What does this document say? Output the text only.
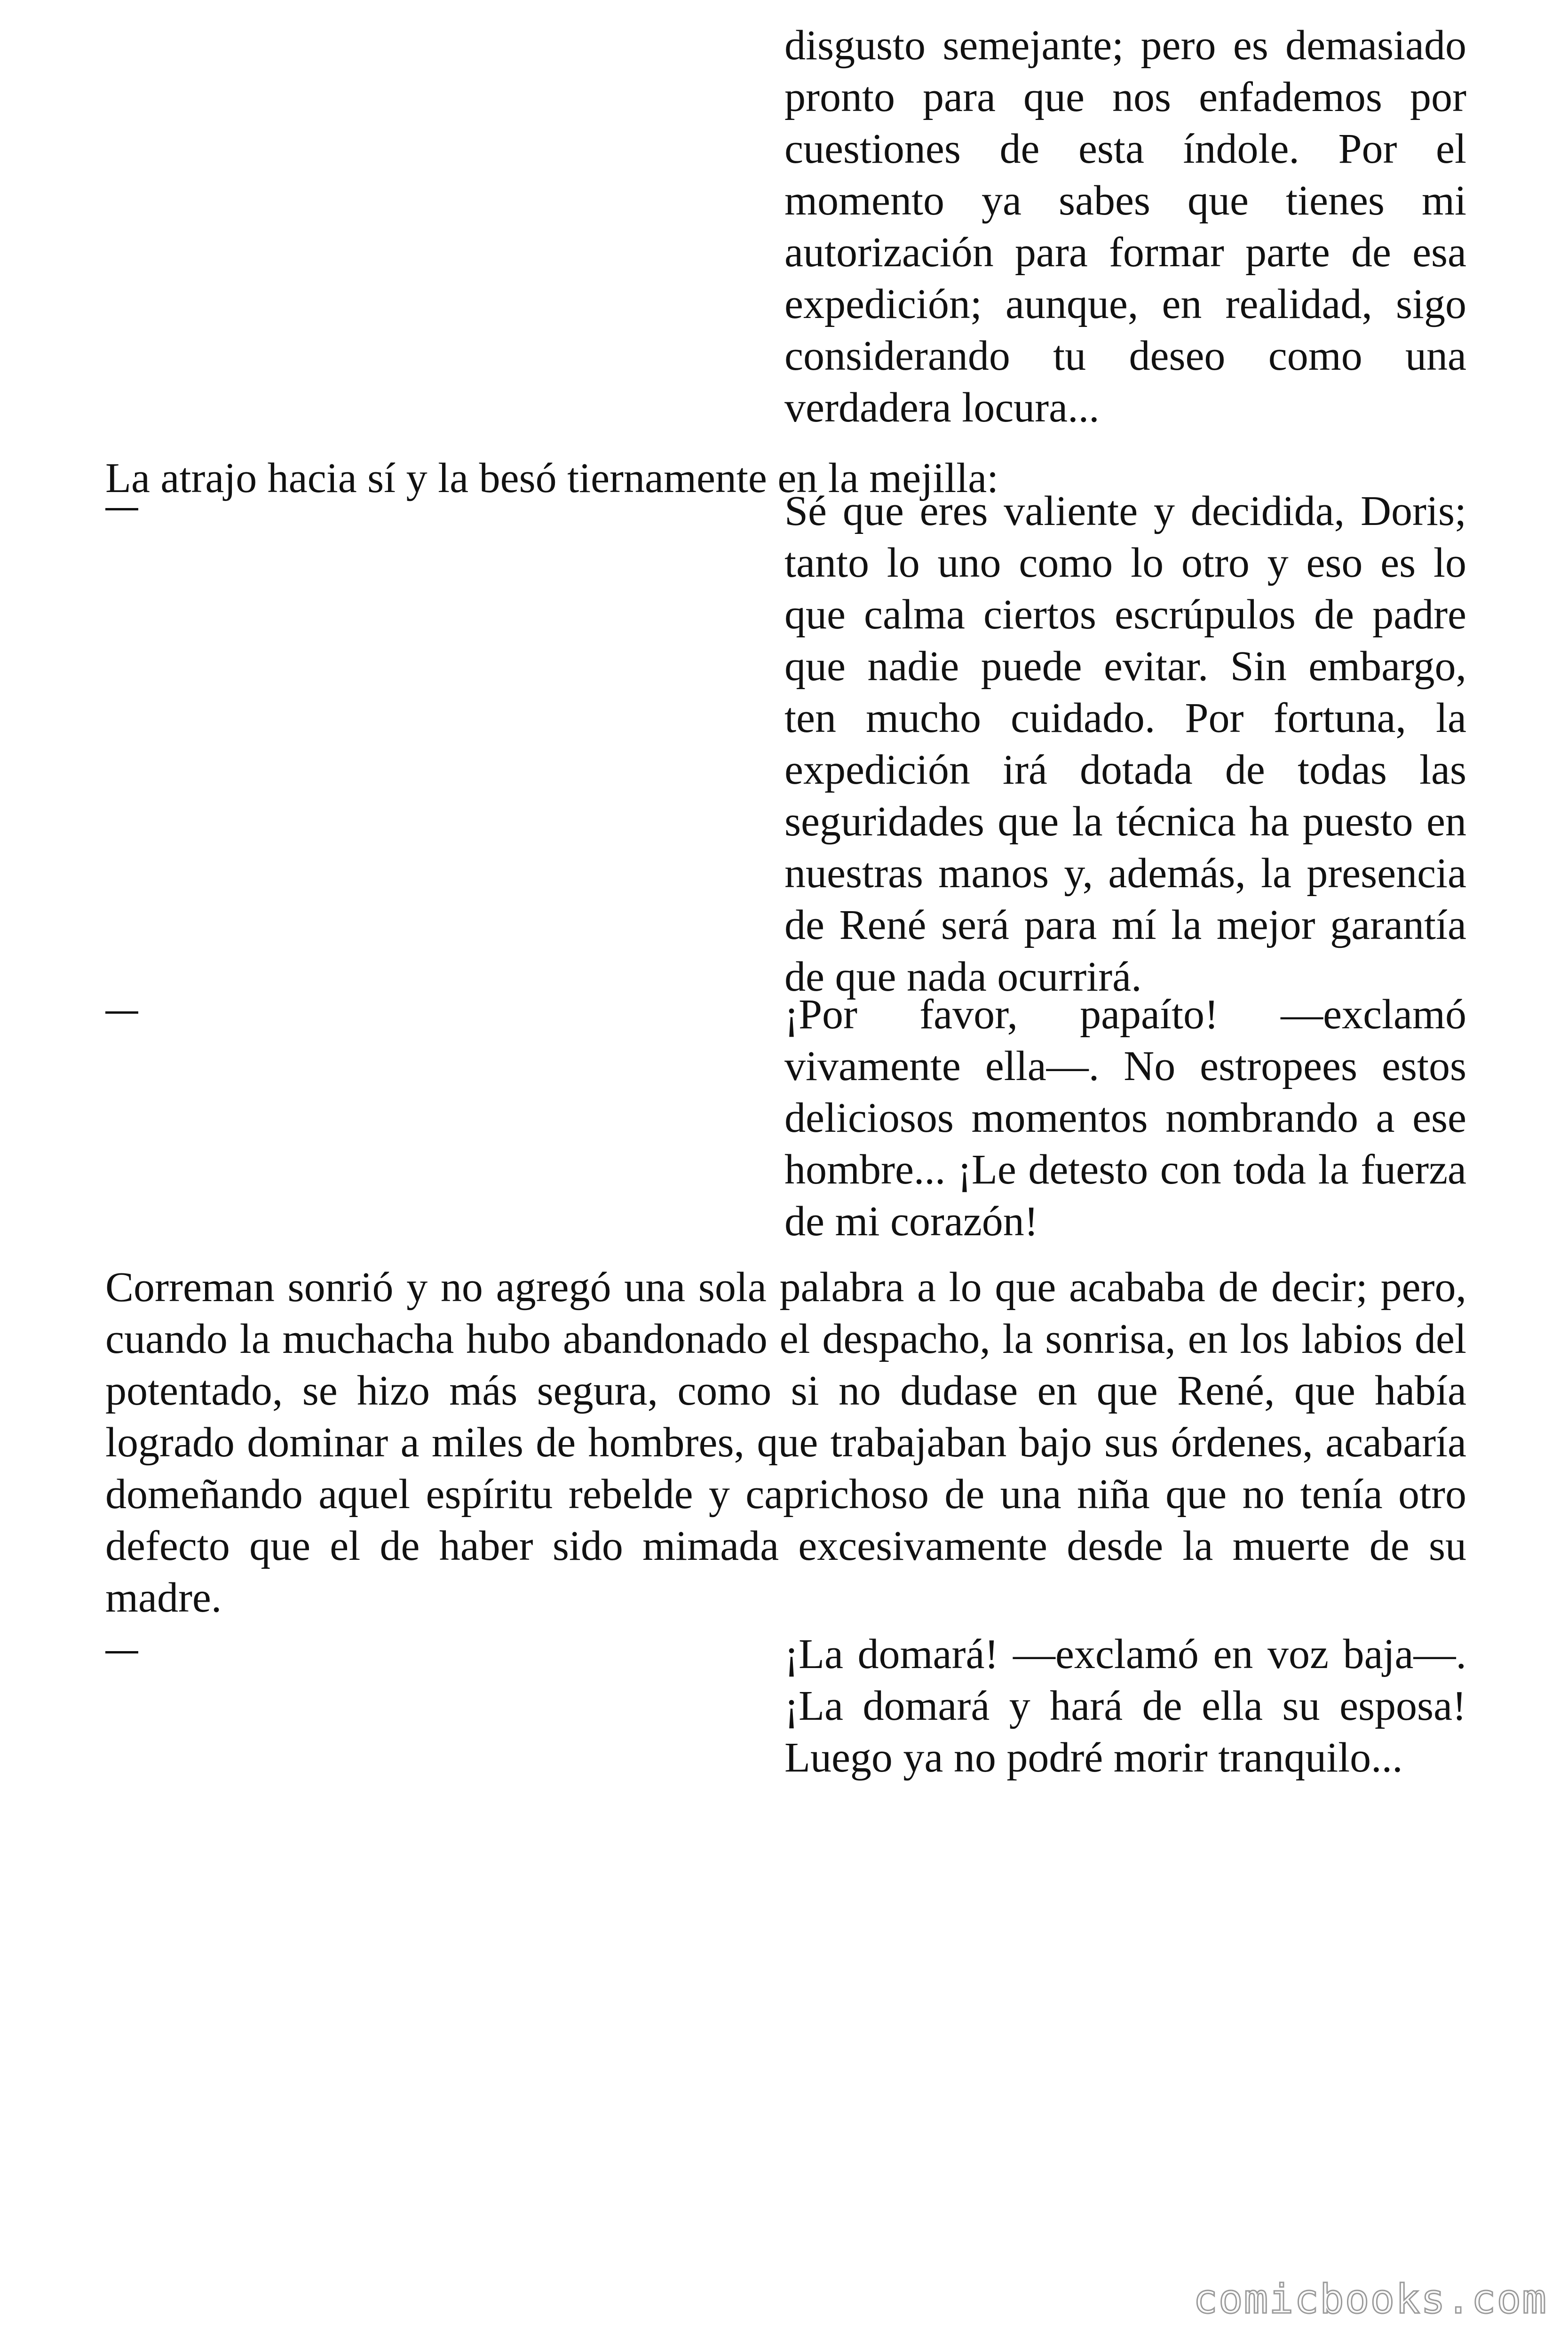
disgusto semejante; pero es demasiado pronto para que nos enfademos por cuestiones de esta índole. Por el momento ya sabes que tienes mi autorización para formar parte de esa expedición; aunque, en realidad, sigo considerando tu deseo como una verdadera locura...

La atrajo hacia sí y la besó tiernamente en la mejilla:

Sé que eres valiente y decidida, Doris; tanto lo uno como lo otro y eso es lo que calma ciertos escrúpulos de padre que nadie puede evitar. Sin embargo, ten mucho cuidado. Por fortuna, la expedición irá dotada de todas las seguridades que la técnica ha puesto en nuestras manos y, además, la presencia de René será para mí la mejor garantía de que nada ocurrirá.

¡Por favor, papaíto! —exclamó vivamente ella—. No estropees estos deliciosos momentos nombrando a ese hombre... ¡Le detesto con toda la fuerza de mi corazón!

Correman sonrió y no agregó una sola palabra a lo que acababa de decir; pero, cuando la muchacha hubo abandonado el despacho, la sonrisa, en los labios del potentado, se hizo más segura, como si no dudase en que René, que había logrado dominar a miles de hombres, que trabajaban bajo sus órdenes, acabaría domeñando aquel espíritu rebelde y caprichoso de una niña que no tenía otro defecto que el de haber sido mimada excesivamente desde la muerte de su madre.

¡La domará! —exclamó en voz baja—. ¡La domará y hará de ella su esposa! Luego ya no podré morir tranquilo...

comicbooks.com
